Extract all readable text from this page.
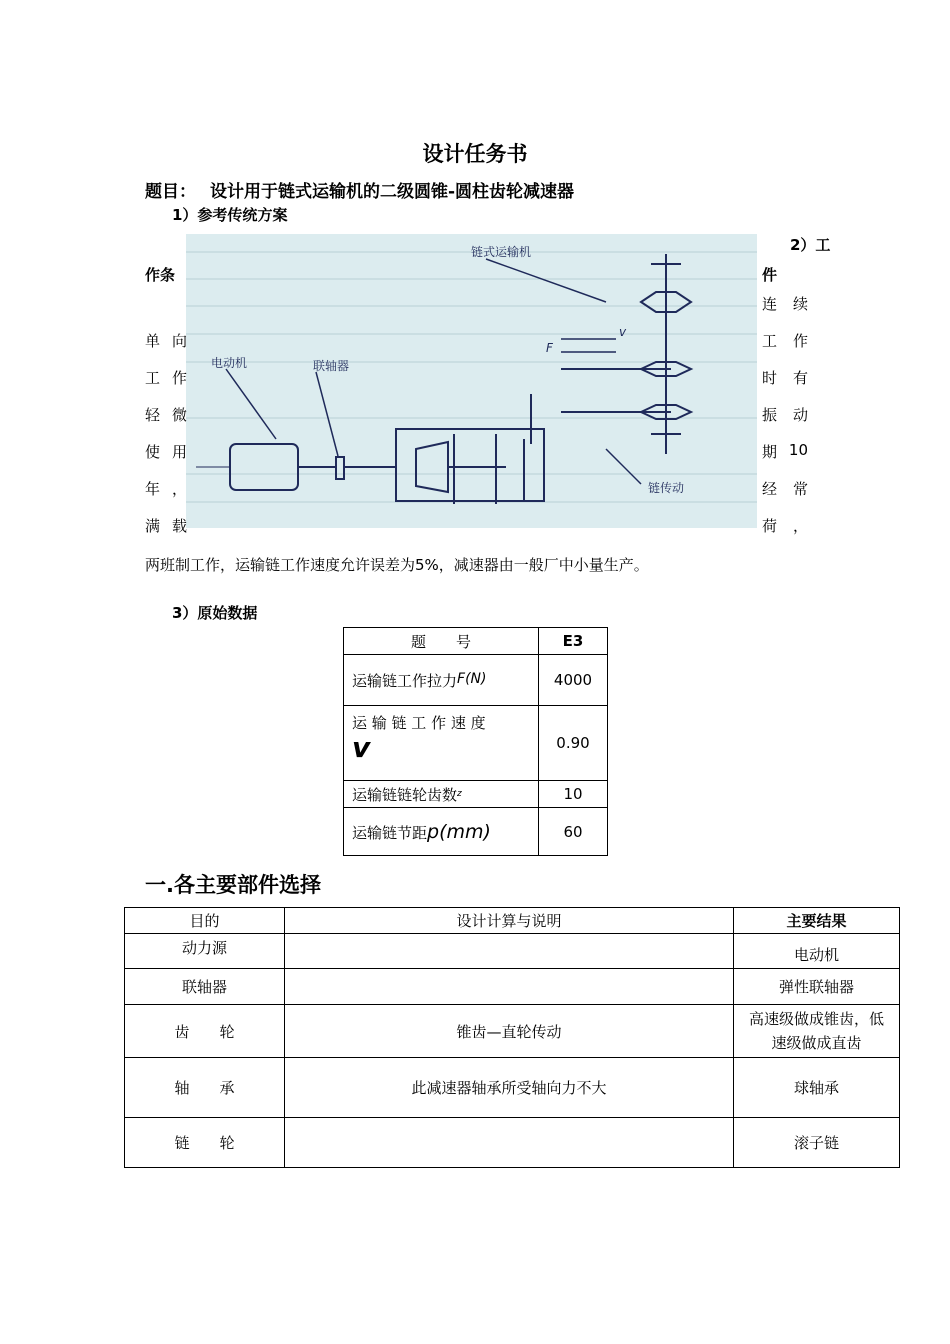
设计任务书
题目： 设计用于链式运输机的二级圆锥-圆柱齿轮减速器
1）参考传统方案
电动机	联轴器
链式运输机
链传动
F
v
2）工
件
作条
单 向
工 作
轻 微
使 用
年 ，
满 载
连 续
工 作
时 有
振 动
期 10
经 常
荷 ，
两班制工作，运输链工作速度允许误差为5%，减速器由一般厂中小量生产。
3）原始数据
题　　号	E3
运输链工作拉力F(N)	4000

运 输 链 工 作 速 度
v	0.90
运输链链轮齿数$^z$	10
运输链节距p(mm)	60
一.各主要部件选择
目的	设计计算与说明	主要结果
动力源		电动机
联轴器		弹性联轴器
齿　　轮	锥齿—直轮传动	高速级做成锥齿，低速级做成直齿
轴　　承	此减速器轴承所受轴向力不大	球轴承
链　　轮		滚子链
